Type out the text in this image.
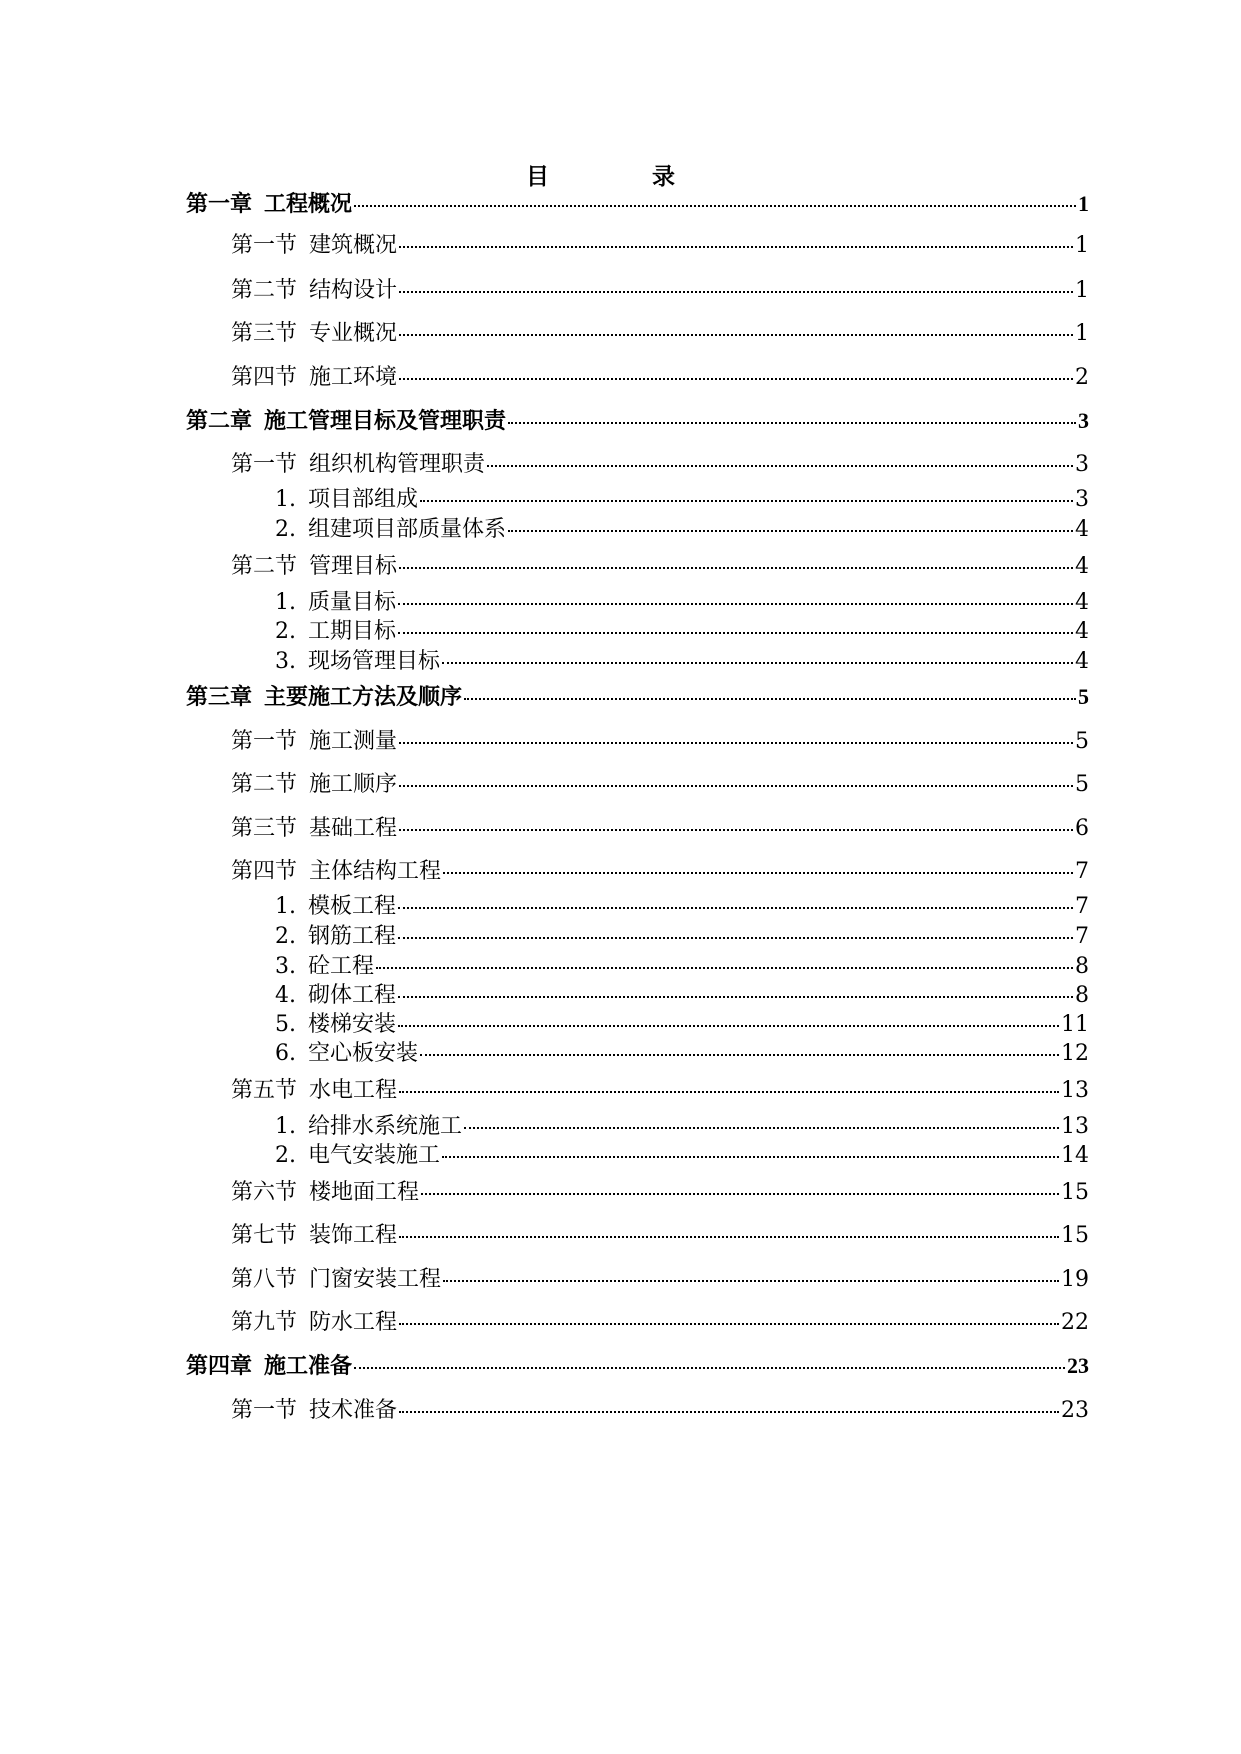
目　录
第一章 工程概况	1
第一节 建筑概况	1
第二节 结构设计	1
第三节 专业概况	1
第四节 施工环境	2
第二章 施工管理目标及管理职责	3
第一节 组织机构管理职责	3
1. 项目部组成	3
2. 组建项目部质量体系	4
第二节 管理目标	4
1. 质量目标	4
2. 工期目标	4
3. 现场管理目标	4
第三章 主要施工方法及顺序	5
第一节 施工测量	5
第二节 施工顺序	5
第三节 基础工程	6
第四节 主体结构工程	7
1. 模板工程	7
2. 钢筋工程	7
3. 砼工程	8
4. 砌体工程	8
5. 楼梯安装	11
6. 空心板安装	12
第五节 水电工程	13
1. 给排水系统施工	13
2. 电气安装施工	14
第六节 楼地面工程	15
第七节 装饰工程	15
第八节 门窗安装工程	19
第九节 防水工程	22
第四章 施工准备	23
第一节 技术准备	23
